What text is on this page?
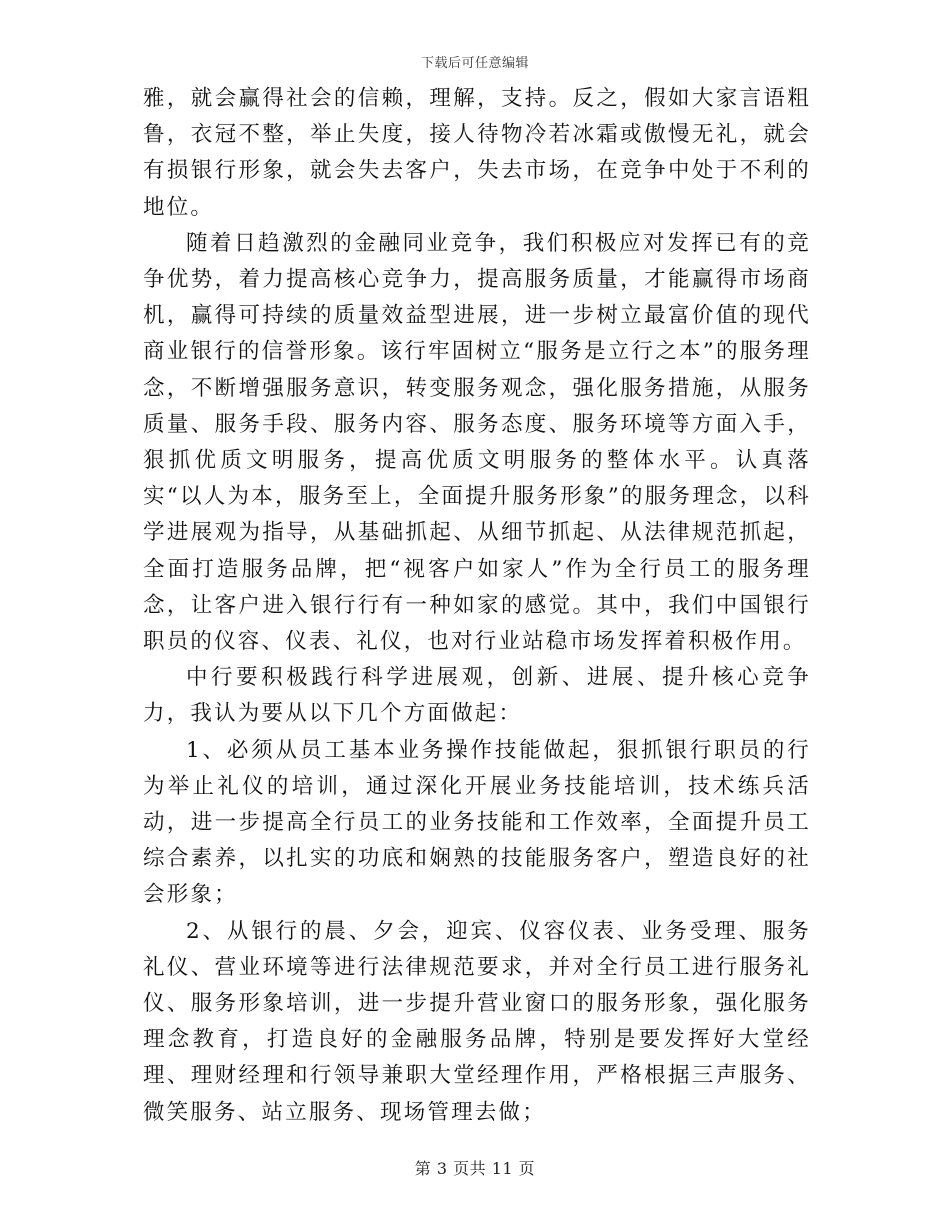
下载后可任意编辑

雅，就会赢得社会的信赖，理解，支持。反之，假如大家言语粗鲁，衣冠不整，举止失度，接人待物冷若冰霜或傲慢无礼，就会有损银行形象，就会失去客户，失去市场，在竞争中处于不利的地位。

随着日趋激烈的金融同业竞争，我们积极应对发挥已有的竞争优势，着力提高核心竞争力，提高服务质量，才能赢得市场商机，赢得可持续的质量效益型进展，进一步树立最富价值的现代商业银行的信誉形象。该行牢固树立“服务是立行之本”的服务理念，不断增强服务意识，转变服务观念，强化服务措施，从服务质量、服务手段、服务内容、服务态度、服务环境等方面入手，狠抓优质文明服务，提高优质文明服务的整体水平。认真落实“以人为本，服务至上，全面提升服务形象”的服务理念，以科学进展观为指导，从基础抓起、从细节抓起、从法律规范抓起，全面打造服务品牌，把“视客户如家人”作为全行员工的服务理念，让客户进入银行行有一种如家的感觉。其中，我们中国银行职员的仪容、仪表、礼仪，也对行业站稳市场发挥着积极作用。

中行要积极践行科学进展观，创新、进展、提升核心竞争力，我认为要从以下几个方面做起：

1、必须从员工基本业务操作技能做起，狠抓银行职员的行为举止礼仪的培训，通过深化开展业务技能培训，技术练兵活动，进一步提高全行员工的业务技能和工作效率，全面提升员工综合素养，以扎实的功底和娴熟的技能服务客户，塑造良好的社会形象；

2、从银行的晨、夕会，迎宾、仪容仪表、业务受理、服务礼仪、营业环境等进行法律规范要求，并对全行员工进行服务礼仪、服务形象培训，进一步提升营业窗口的服务形象，强化服务理念教育，打造良好的金融服务品牌，特别是要发挥好大堂经理、理财经理和行领导兼职大堂经理作用，严格根据三声服务、微笑服务、站立服务、现场管理去做；

第 3 页共 11 页
